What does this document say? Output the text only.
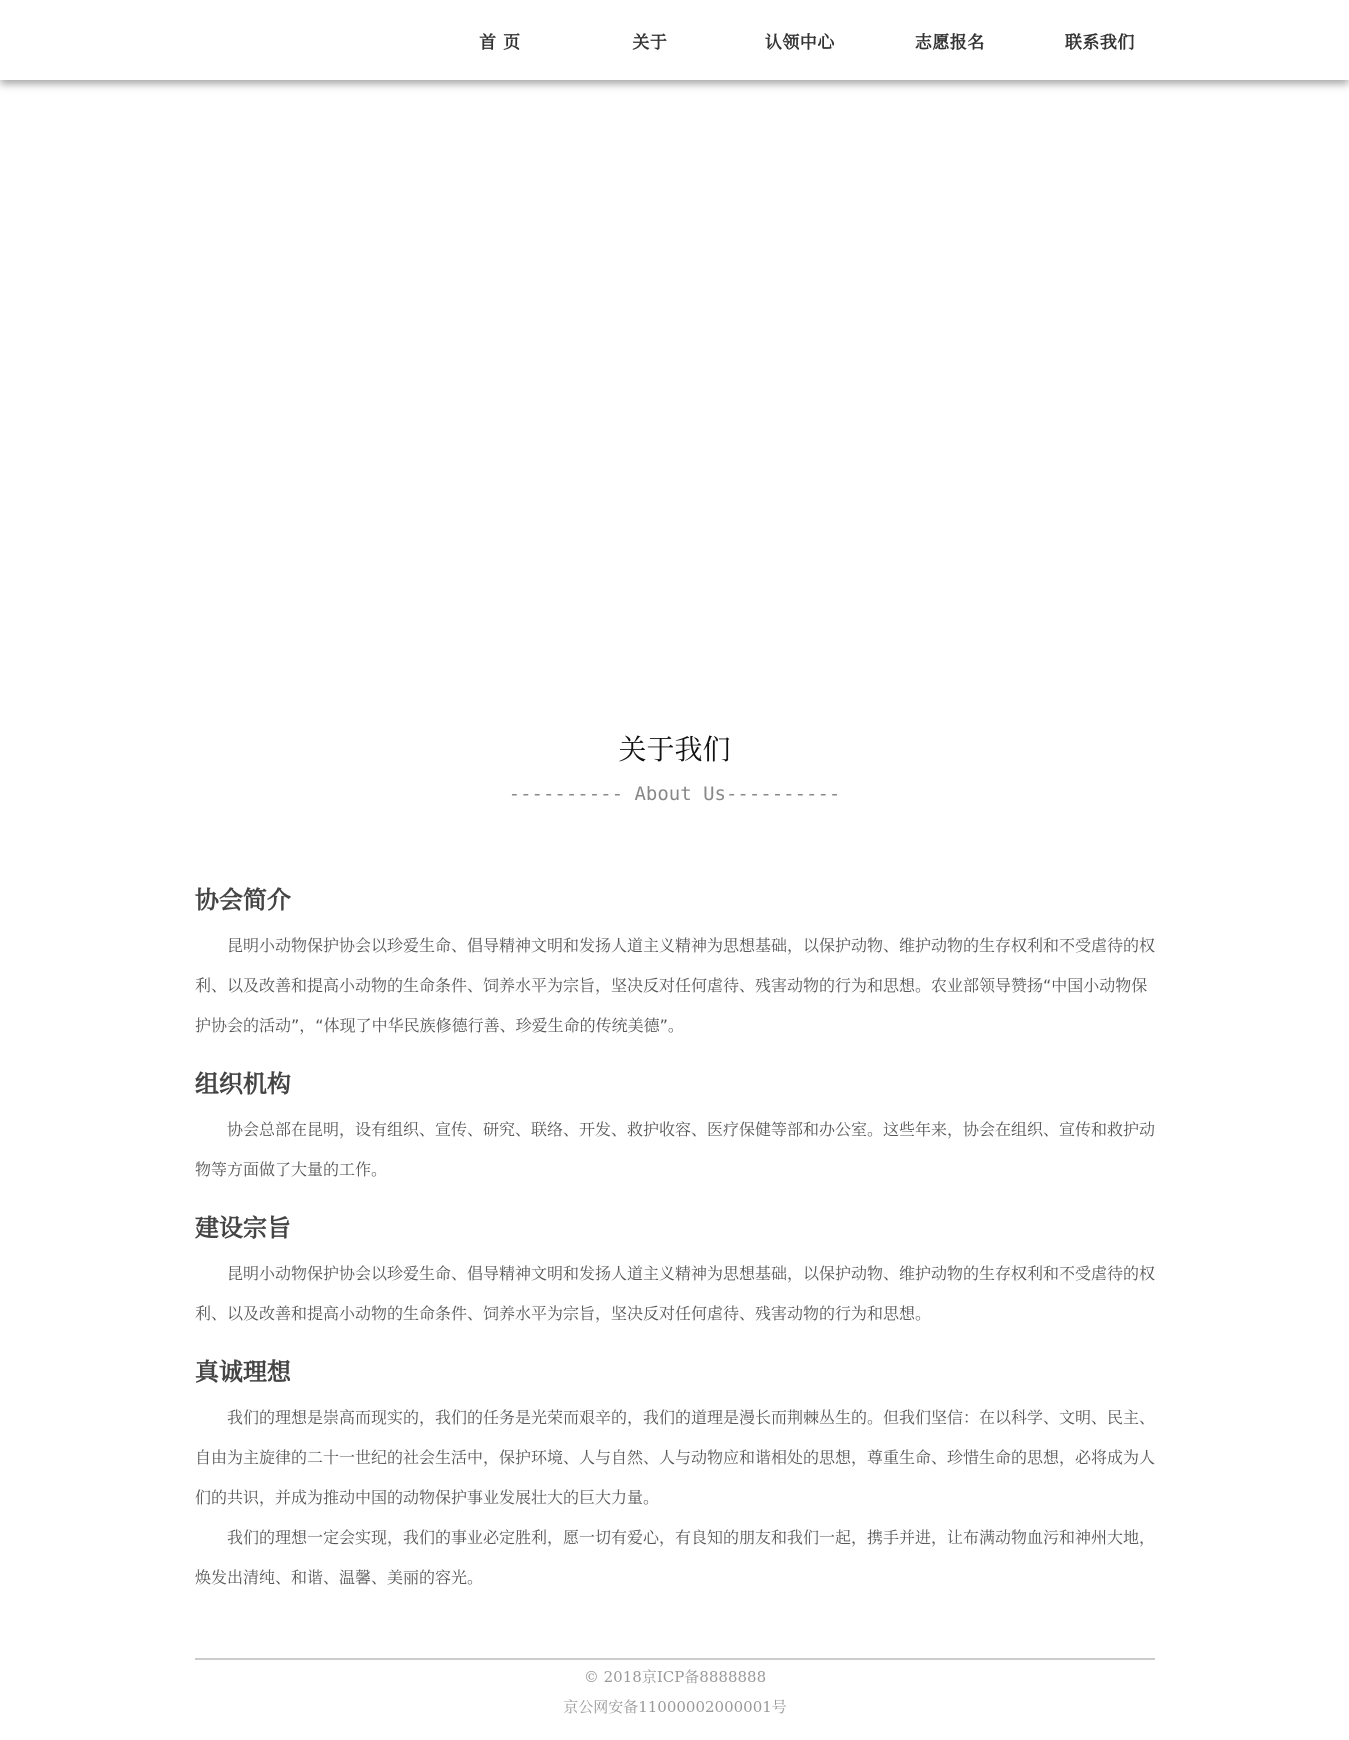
首 页	关于	认领中心	志愿报名	联系我们
关于我们
---------- About Us----------
协会简介

昆明小动物保护协会以珍爱生命、倡导精神文明和发扬人道主义精神为思想基础，以保护动物、维护动物的生存权利和不受虐待的权利、以及改善和提高小动物的生命条件、饲养水平为宗旨，坚决反对任何虐待、残害动物的行为和思想。农业部领导赞扬“中国小动物保护协会的活动”，“体现了中华民族修德行善、珍爱生命的传统美德”。

组织机构

协会总部在昆明，设有组织、宣传、研究、联络、开发、救护收容、医疗保健等部和办公室。这些年来，协会在组织、宣传和救护动物等方面做了大量的工作。

建设宗旨

昆明小动物保护协会以珍爱生命、倡导精神文明和发扬人道主义精神为思想基础，以保护动物、维护动物的生存权利和不受虐待的权利、以及改善和提高小动物的生命条件、饲养水平为宗旨，坚决反对任何虐待、残害动物的行为和思想。

真诚理想

我们的理想是崇高而现实的，我们的任务是光荣而艰辛的，我们的道理是漫长而荆棘丛生的。但我们坚信：在以科学、文明、民主、自由为主旋律的二十一世纪的社会生活中，保护环境、人与自然、人与动物应和谐相处的思想，尊重生命、珍惜生命的思想，必将成为人们的共识，并成为推动中国的动物保护事业发展壮大的巨大力量。

我们的理想一定会实现，我们的事业必定胜利，愿一切有爱心，有良知的朋友和我们一起，携手并进，让布满动物血污和神州大地，焕发出清纯、和谐、温馨、美丽的容光。

© 2018京ICP备8888888
京公网安备11000002000001号
